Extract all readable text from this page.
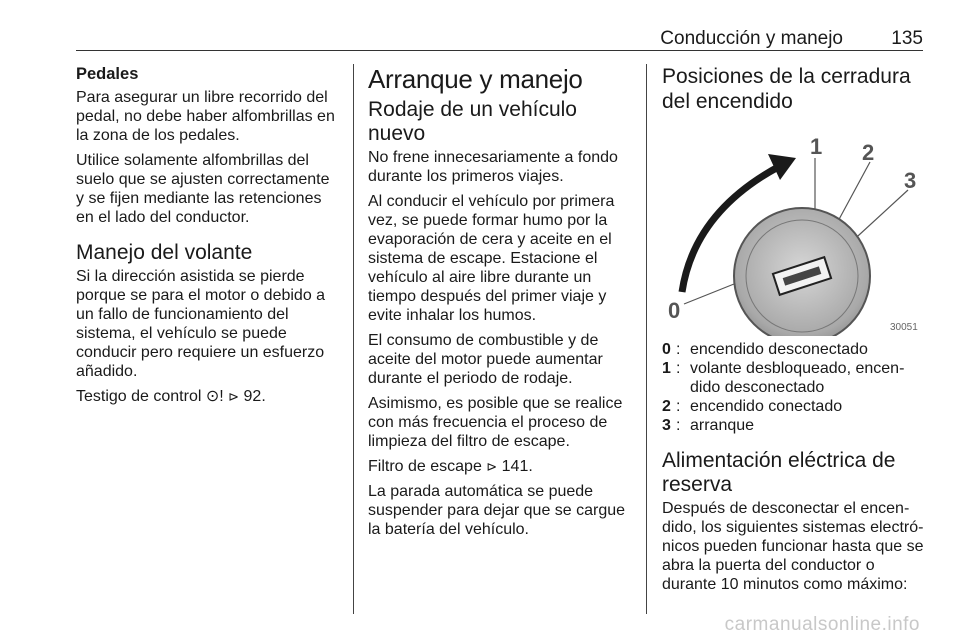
Conducción y manejo	135
Pedales

Para asegurar un libre recorrido del pedal, no debe haber alfombrillas en la zona de los pedales.

Utilice solamente alfombrillas del suelo que se ajusten correctamente y se fijen mediante las retenciones en el lado del conductor.

Manejo del volante

Si la dirección asistida se pierde porque se para el motor o debido a un fallo de funcionamiento del sistema, el vehículo se puede conducir pero requiere un esfuerzo añadido.

Testigo de control ⊙! ⊳ 92.

Arranque y manejo
Rodaje de un vehículo nuevo

No frene innecesariamente a fondo durante los primeros viajes.

Al conducir el vehículo por primera vez, se puede formar humo por la evaporación de cera y aceite en el sistema de escape. Estacione el vehículo al aire libre durante un tiempo después del primer viaje y evite inhalar los humos.

El consumo de combustible y de aceite del motor puede aumentar durante el periodo de rodaje.

Asimismo, es posible que se realice con más frecuencia el proceso de limpieza del filtro de escape.

Filtro de escape ⊳ 141.

La parada automática se puede suspender para dejar que se cargue la batería del vehículo.

Posiciones de la cerradura del encendido
1 2
3
0
30051
0 : encendido desconectado
1 : volante desbloqueado, encen-dido desconectado
2 : encendido conectado
3 : arranque
Alimentación eléctrica de reserva

Después de desconectar el encen-dido, los siguientes sistemas electró-nicos pueden funcionar hasta que se abra la puerta del conductor o durante 10 minutos como máximo:

carmanualsonline.info
